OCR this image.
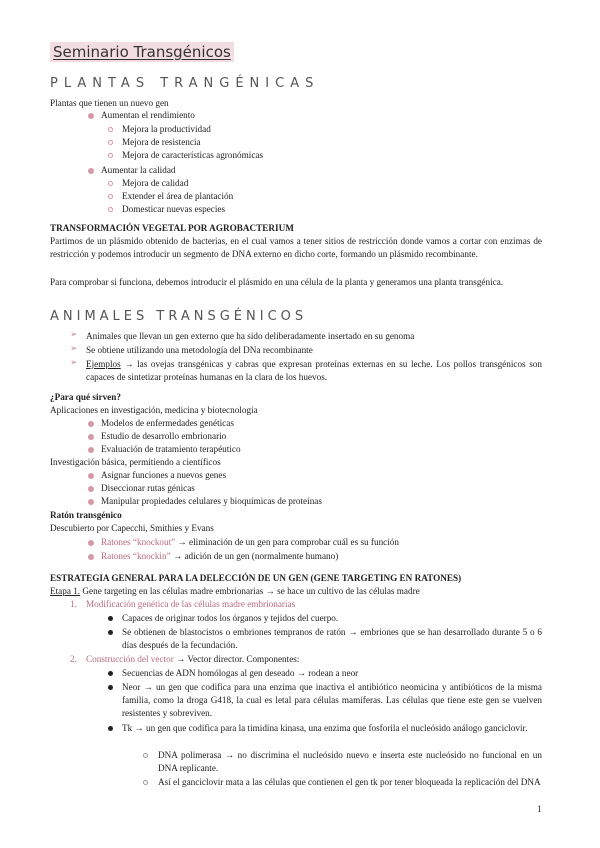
Seminario Transgénicos
PLANTAS TRANGÉNICAS
Plantas que tienen un nuevo gen
Aumentan el rendimiento
Mejora la productividad
Mejora de resistencia
Mejora de características agronómicas
Aumentar la calidad
Mejora de calidad
Extender el área de plantación
Domesticar nuevas especies
TRANSFORMACIÓN VEGETAL POR AGROBACTERIUM
Partimos de un plásmido obtenido de bacterias, en el cual vamos a tener sitios de restricción donde vamos a cortar con enzimas de restricción y podemos introducir un segmento de DNA externo en dicho corte, formando un plásmido recombinante.
Para comprobar si funciona, debemos introducir el plásmido en una célula de la planta y generamos una planta transgénica.
ANIMALES TRANSGÉNICOS
➢ Animales que llevan un gen externo que ha sido deliberadamente insertado en su genoma
➢ Se obtiene utilizando una metodología del DNa recombinante
➢ Ejemplos → las ovejas transgénicas y cabras que expresan proteínas externas en su leche. Los pollos transgénicos son capaces de sintetizar proteínas humanas en la clara de los huevos.
¿Para qué sirven?
Aplicaciones en investigación, medicina y biotecnología
Modelos de enfermedades genéticas
Estudio de desarrollo embrionario
Evaluación de tratamiento terapéutico
Investigación básica, permitiendo a científicos
Asignar funciones a nuevos genes
Diseccionar rutas génicas
Manipular propiedades celulares y bioquímicas de proteínas
Ratón transgénico
Descubierto por Capecchi, Smithies y Evans
Ratones “knockout” → eliminación de un gen para comprobar cuál es su función
Ratones “knockin” → adición de un gen (normalmente humano)
ESTRATEGIA GENERAL PARA LA DELECCIÓN DE UN GEN (GENE TARGETING EN RATONES)
Etapa 1. Gene targeting en las células madre embrionarias → se hace un cultivo de las células madre
1. Modificación genética de las células madre embrionarias
Capaces de originar todos los órganos y tejidos del cuerpo.
Se obtienen de blastocistos o embriones tempranos de ratón → embriones que se han desarrollado durante 5 o 6 días después de la fecundación.
2. Construcción del vector → Vector director. Componentes:
Secuencias de ADN homólogas al gen deseado → rodean a neor
Neor → un gen que codifica para una enzima que inactiva el antibiótico neomicina y antibióticos de la misma familia, como la droga G418, la cual es letal para células mamíferas. Las células que tiene este gen se vuelven resistentes y sobreviven.
Tk → un gen que codifica para la timidina kinasa, una enzima que fosforila el nucleósido análogo ganciclovir.
DNA polimerasa → no discrimina el nucleósido nuevo e inserta este nucleósido no funcional en un DNA replicante.
Así el ganciclovir mata a las células que contienen el gen tk por tener bloqueada la replicación del DNA
1
